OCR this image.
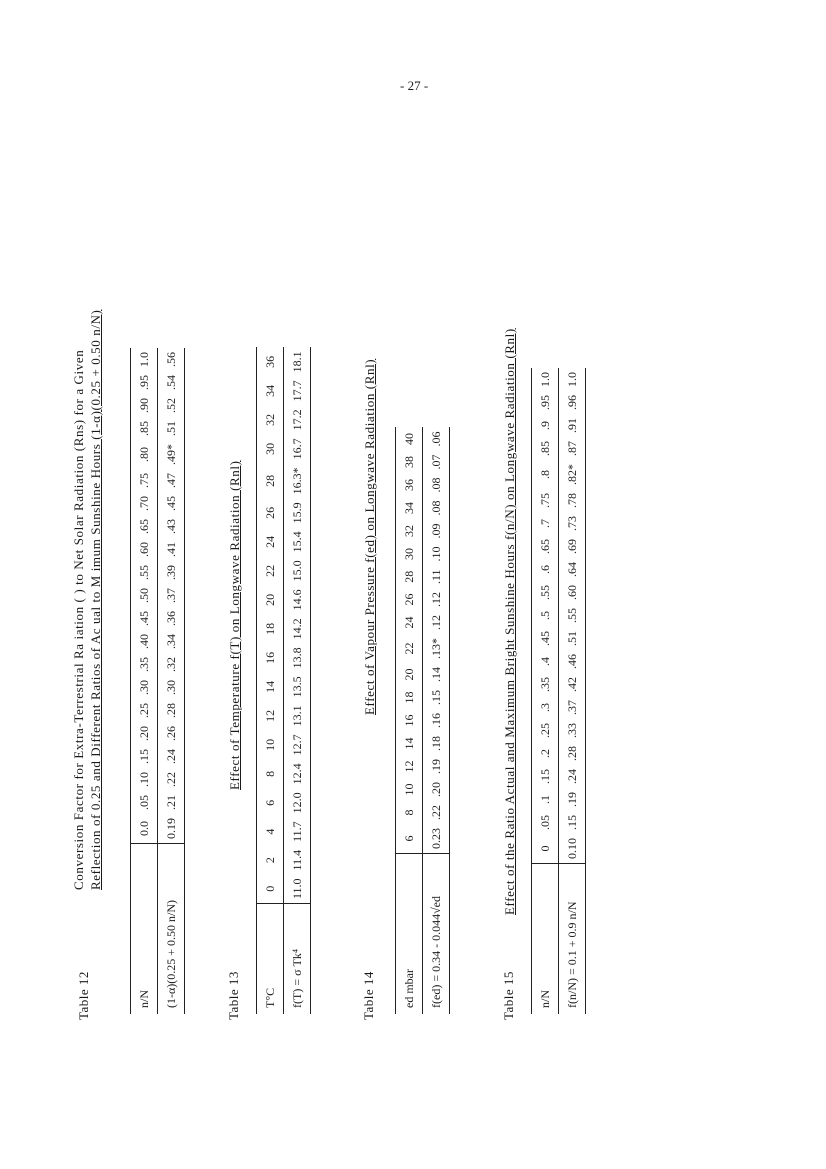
- 27 -
Table 12
Conversion Factor for Extra-Terrestrial Ra iation ( ) to Net Solar Radiation (Rns) for a Given Reflection of 0.25 and Different Ratios of Ac ual to M imum Sunshine Hours (1-α)(0.25 + 0.50 n/N)
n/N	0.0	.05	.10	.15	.20	.25	.30	.35	.40	.45	.50	.55	.60	.65	.70	.75	.80	.85	.90	.95	1.0
(1-α)(0.25 + 0.50 n/N)	0.19	.21	.22	.24	.26	.28	.30	.32	.34	.36	.37	.39	.41	.43	.45	.47	.49*	.51	.52	.54	.56
Table 13
Effect of Temperature f(T) on Longwave Radiation (Rnl)
T°C	0	2	4	6	8	10	12	14	16	18	20	22	24	26	28	30	32	34	36
f(T) = σ Tk⁴	11.0	11.4	11.7	12.0	12.4	12.7	13.1	13.5	13.8	14.2	14.6	15.0	15.4	15.9	16.3*	16.7	17.2	17.7	18.1
Table 14
Effect of Vapour Pressure f(ed) on Longwave Radiation (Rnl)
ed mbar	6	8	10	12	14	16	18	20	22	24	26	28	30	32	34	36	38	40
f(ed) = 0.34 - 0.044√ed	0.23	.22	.20	.19	.18	.16	.15	.14	.13*	.12	.12	.11	.10	.09	.08	.08	.07	.06
Table 15
Effect of the Ratio Actual and Maximum Bright Sunshine Hours f(n/N) on Longwave Radiation (Rnl)
n/N	0	.05	.1	.15	.2	.25	.3	.35	.4	.45	.5	.55	.6	.65	.7	.75	.8	.85	.9	.95	1.0
f(n/N) = 0.1 + 0.9 n/N	0.10	.15	.19	.24	.28	.33	.37	.42	.46	.51	.55	.60	.64	.69	.73	.78	.82*	.87	.91	.96	1.0
